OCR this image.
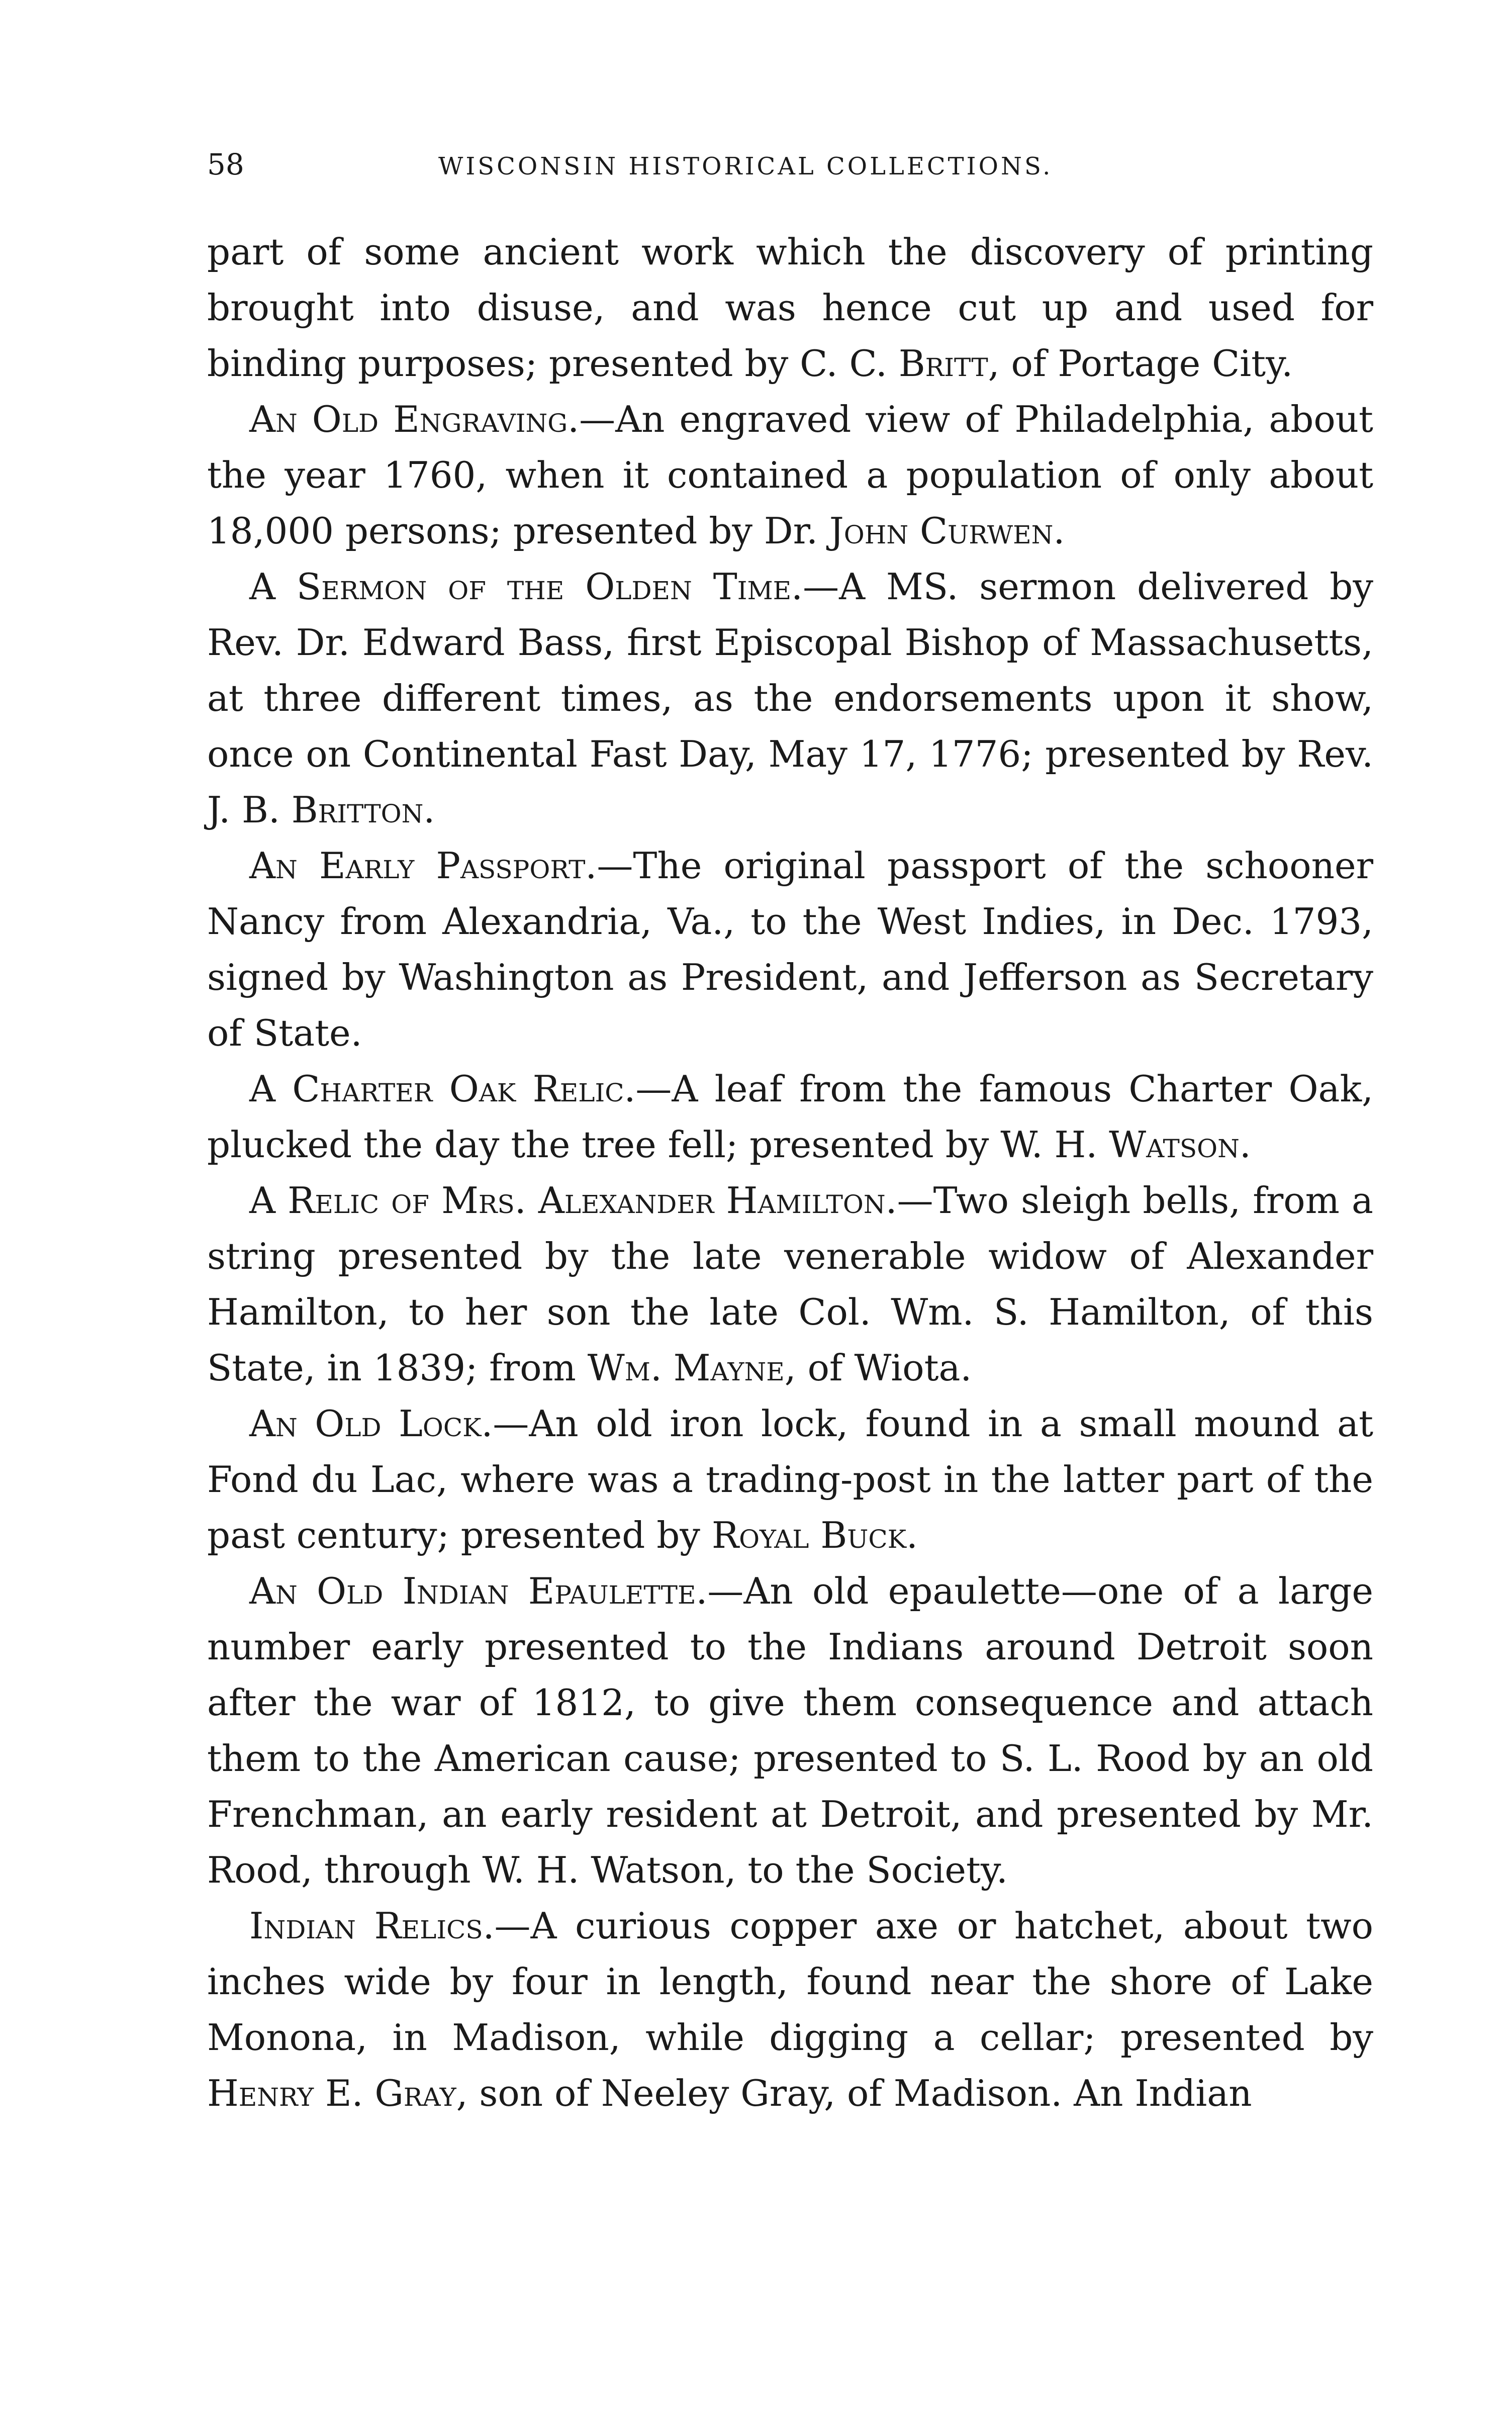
58	WISCONSIN HISTORICAL COLLECTIONS.

part of some ancient work which the discovery of printing brought into disuse, and was hence cut up and used for binding purposes; presented by C. C. Britt, of Portage City.

An Old Engraving.—An engraved view of Philadelphia, about the year 1760, when it contained a population of only about 18,000 persons; presented by Dr. John Curwen.

A Sermon of the Olden Time.—A MS. sermon delivered by Rev. Dr. Edward Bass, first Episcopal Bishop of Massachusetts, at three different times, as the endorsements upon it show, once on Continental Fast Day, May 17, 1776; presented by Rev. J. B. Britton.

An Early Passport.—The original passport of the schooner Nancy from Alexandria, Va., to the West Indies, in Dec. 1793, signed by Washington as President, and Jefferson as Secretary of State.

A Charter Oak Relic.—A leaf from the famous Charter Oak, plucked the day the tree fell; presented by W. H. Watson.

A Relic of Mrs. Alexander Hamilton.—Two sleigh bells, from a string presented by the late venerable widow of Alexander Hamilton, to her son the late Col. Wm. S. Hamilton, of this State, in 1839; from Wm. Mayne, of Wiota.

An Old Lock.—An old iron lock, found in a small mound at Fond du Lac, where was a trading-post in the latter part of the past century; presented by Royal Buck.

An Old Indian Epaulette.—An old epaulette—one of a large number early presented to the Indians around Detroit soon after the war of 1812, to give them consequence and attach them to the American cause; presented to S. L. Rood by an old Frenchman, an early resident at Detroit, and presented by Mr. Rood, through W. H. Watson, to the Society.

Indian Relics.—A curious copper axe or hatchet, about two inches wide by four in length, found near the shore of Lake Monona, in Madison, while digging a cellar; presented by Henry E. Gray, son of Neeley Gray, of Madison. An Indian
